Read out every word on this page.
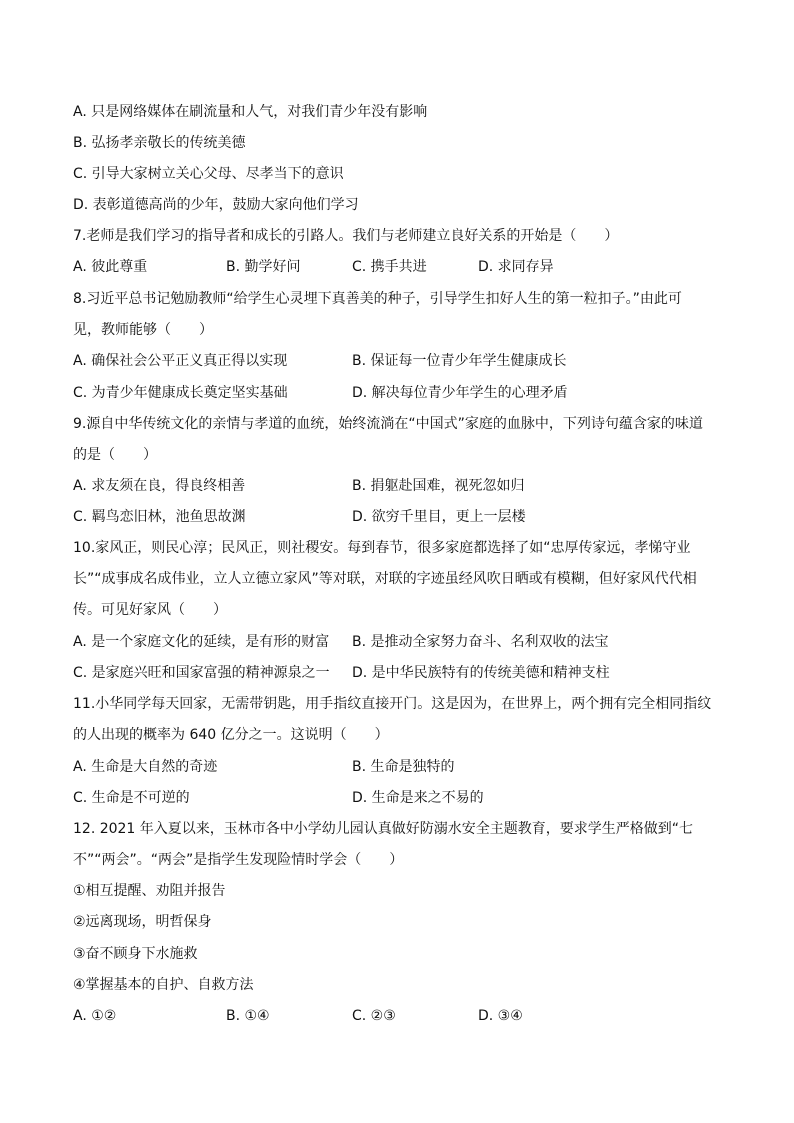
A. 只是网络媒体在刷流量和人气，对我们青少年没有影响
B. 弘扬孝亲敬长的传统美德
C. 引导大家树立关心父母、尽孝当下的意识
D. 表彰道德高尚的少年，鼓励大家向他们学习
7.老师是我们学习的指导者和成长的引路人。我们与老师建立良好关系的开始是（　　）
A. 彼此尊重	B. 勤学好问	C. 携手共进	D. 求同存异
8.习近平总书记勉励教师“给学生心灵埋下真善美的种子，引导学生扣好人生的第一粒扣子。”由此可
见，教师能够（　　）
A. 确保社会公平正义真正得以实现	B. 保证每一位青少年学生健康成长
C. 为青少年健康成长奠定坚实基础	D. 解决每位青少年学生的心理矛盾
9.源自中华传统文化的亲情与孝道的血统，始终流淌在“中国式”家庭的血脉中，下列诗句蕴含家的味道
的是（　　）
A. 求友须在良，得良终相善	B. 捐躯赴国难，视死忽如归
C. 羁鸟恋旧林，池鱼思故渊	D. 欲穷千里目，更上一层楼
10.家风正，则民心淳；民风正，则社稷安。每到春节，很多家庭都选择了如“忠厚传家远，孝悌守业
长”“成事成名成伟业，立人立德立家风”等对联，对联的字迹虽经风吹日晒或有模糊，但好家风代代相
传。可见好家风（　　）
A. 是一个家庭文化的延续，是有形的财富 B. 是推动全家努力奋斗、名利双收的法宝
C. 是家庭兴旺和国家富强的精神源泉之一 D. 是中华民族特有的传统美德和精神支柱
11.小华同学每天回家，无需带钥匙，用手指纹直接开门。这是因为，在世界上，两个拥有完全相同指纹
的人出现的概率为 640 亿分之一。这说明（　　）
A. 生命是大自然的奇迹	B. 生命是独特的
C. 生命是不可逆的	D. 生命是来之不易的
12. 2021 年入夏以来，玉林市各中小学幼儿园认真做好防溺水安全主题教育，要求学生严格做到“七
不”“两会”。“两会”是指学生发现险情时学会（　　）
①相互提醒、劝阻并报告
②远离现场，明哲保身
③奋不顾身下水施救
④掌握基本的自护、自救方法
A. ①②	B. ①④	C. ②③	D. ③④
